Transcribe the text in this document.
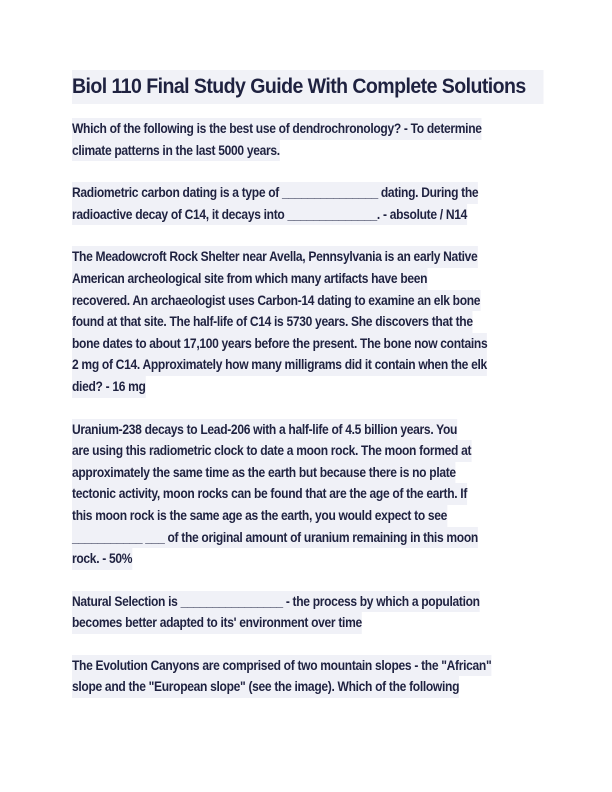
Biol 110 Final Study Guide With Complete Solutions
Which of the following is the best use of dendrochronology? - To determine
climate patterns in the last 5000 years.
Radiometric carbon dating is a type of _______________ dating. During the
radioactive decay of C14, it decays into ______________. - absolute / N14
The Meadowcroft Rock Shelter near Avella, Pennsylvania is an early Native
American archeological site from which many artifacts have been
recovered. An archaeologist uses Carbon-14 dating to examine an elk bone
found at that site. The half-life of C14 is 5730 years. She discovers that the
bone dates to about 17,100 years before the present. The bone now contains
2 mg of C14. Approximately how many milligrams did it contain when the elk
died? - 16 mg
Uranium-238 decays to Lead-206 with a half-life of 4.5 billion years. You
are using this radiometric clock to date a moon rock. The moon formed at
approximately the same time as the earth but because there is no plate
tectonic activity, moon rocks can be found that are the age of the earth. If
this moon rock is the same age as the earth, you would expect to see
___________ ___ of the original amount of uranium remaining in this moon
rock. - 50%
Natural Selection is ________________ - the process by which a population
becomes better adapted to its' environment over time
The Evolution Canyons are comprised of two mountain slopes - the "African"
slope and the "European slope" (see the image). Which of the following
